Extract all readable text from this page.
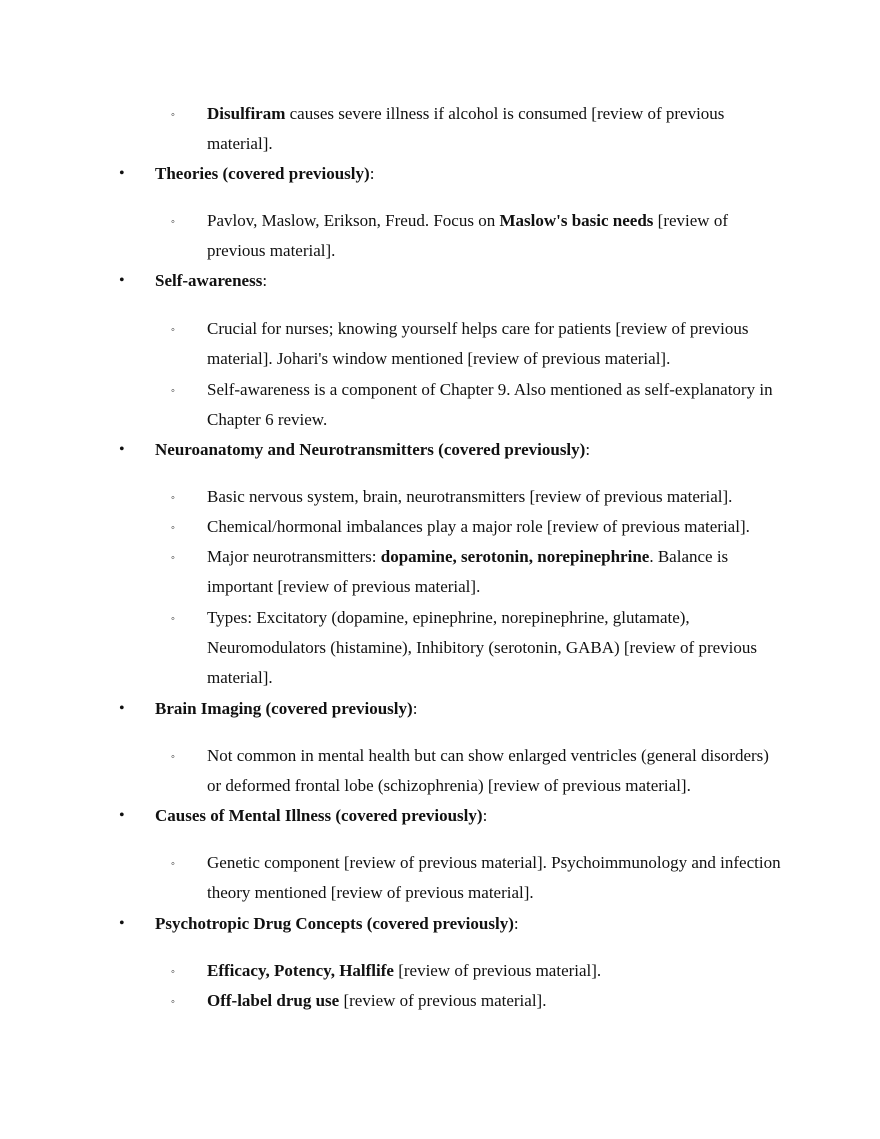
◦ Disulfiram causes severe illness if alcohol is consumed [review of previous material].
• Theories (covered previously):
◦ Pavlov, Maslow, Erikson, Freud. Focus on Maslow's basic needs [review of previous material].
• Self-awareness:
◦ Crucial for nurses; knowing yourself helps care for patients [review of previous material]. Johari's window mentioned [review of previous material].
◦ Self-awareness is a component of Chapter 9. Also mentioned as self-explanatory in Chapter 6 review.
• Neuroanatomy and Neurotransmitters (covered previously):
◦ Basic nervous system, brain, neurotransmitters [review of previous material].
◦ Chemical/hormonal imbalances play a major role [review of previous material].
◦ Major neurotransmitters: dopamine, serotonin, norepinephrine. Balance is important [review of previous material].
◦ Types: Excitatory (dopamine, epinephrine, norepinephrine, glutamate), Neuromodulators (histamine), Inhibitory (serotonin, GABA) [review of previous material].
• Brain Imaging (covered previously):
◦ Not common in mental health but can show enlarged ventricles (general disorders) or deformed frontal lobe (schizophrenia) [review of previous material].
• Causes of Mental Illness (covered previously):
◦ Genetic component [review of previous material]. Psychoimmunology and infection theory mentioned [review of previous material].
• Psychotropic Drug Concepts (covered previously):
◦ Efficacy, Potency, Halflife [review of previous material].
◦ Off-label drug use [review of previous material].
